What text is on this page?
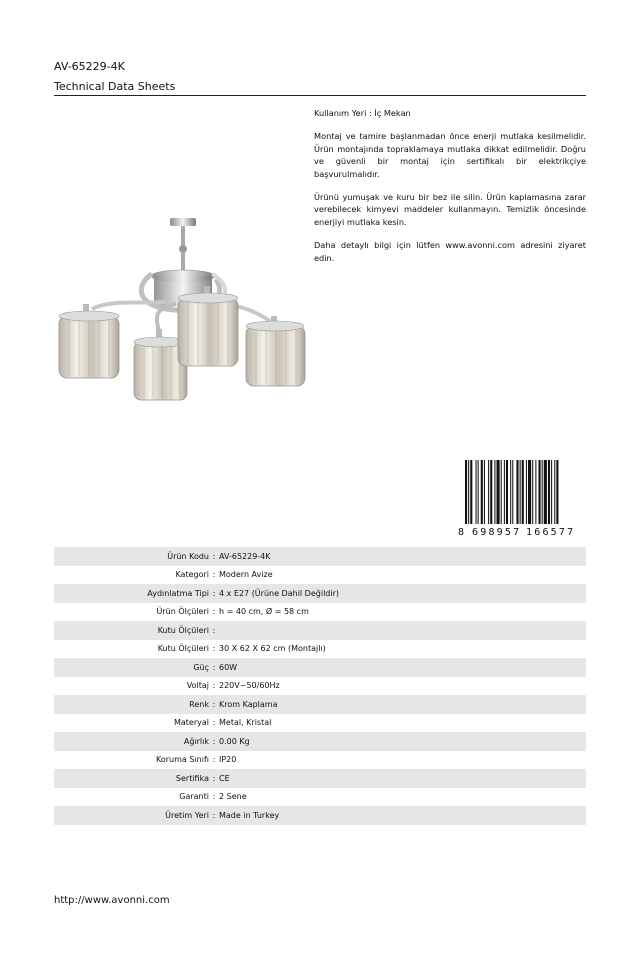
AV-65229-4K
Technical Data Sheets

Kullanım Yeri : İç Mekan

Montaj ve tamire başlanmadan önce enerji mutlaka kesilmelidir. Ürün montajında topraklamaya mutlaka dikkat edilmelidir. Doğru ve güvenli bir montaj için sertifikalı bir elektrikçiye başvurulmalıdır.

Ürünü yumuşak ve kuru bir bez ile silin. Ürün kaplamasına zarar verebilecek kimyevi maddeler kullanmayın. Temizlik öncesinde enerjiyi mutlaka kesin.

Daha detaylı bilgi için lütfen www.avonni.com adresini ziyaret edin.

8 698957 166577
Ürün Kodu : AV-65229-4K
Kategori : Modern Avize
Aydınlatma Tipi : 4 x E27 (Ürüne Dahil Değildir)
Ürün Ölçüleri : h = 40 cm, Ø = 58 cm
Kutu Ölçüleri :
Kutu Ölçüleri : 30 X 62 X 62 cm (Montajlı)
Güç : 60W
Voltaj : 220V~50/60Hz
Renk : Krom Kaplama
Materyal : Metal, Kristal
Ağırlık : 0.00 Kg
Koruma Sınıfı : IP20
Sertifika : CE
Garanti : 2 Sene
Üretim Yeri : Made in Turkey
http://www.avonni.com
